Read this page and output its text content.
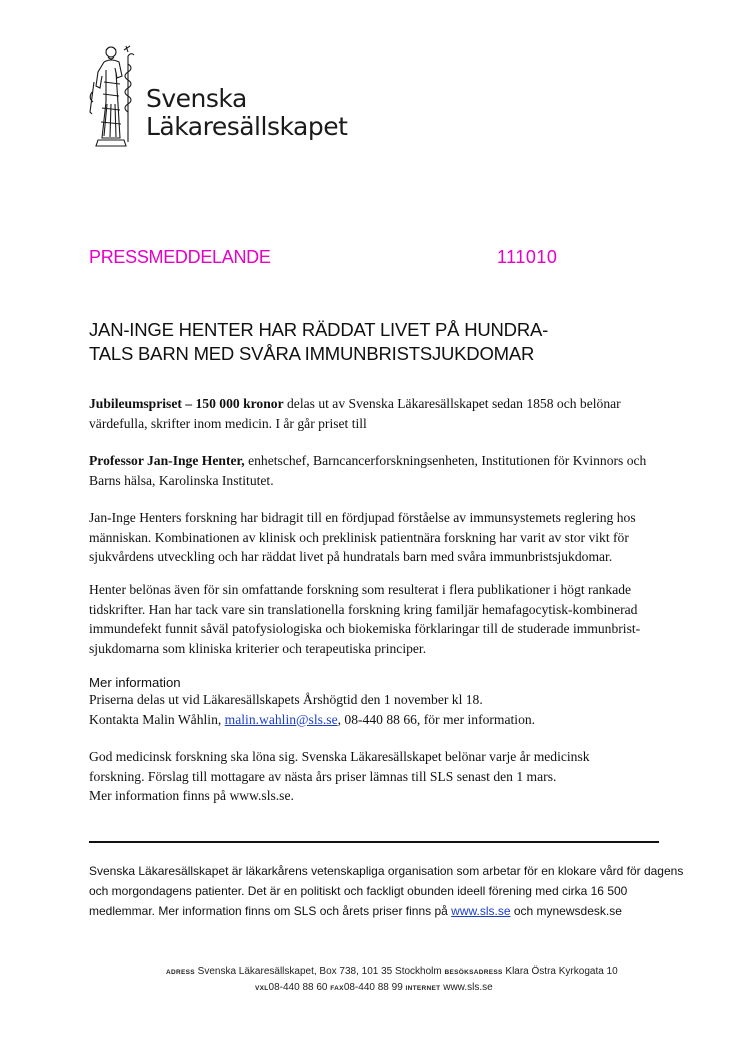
Svenska
Läkaresällskapet
PRESSMEDDELANDE	111010
JAN-INGE HENTER HAR RÄDDAT LIVET PÅ HUNDRA-
TALS BARN MED SVÅRA IMMUNBRISTSJUKDOMAR
Jubileumspriset – 150 000 kronor delas ut av Svenska Läkaresällskapet sedan 1858 och belönar
värdefulla, skrifter inom medicin. I år går priset till
Professor Jan-Inge Henter, enhetschef, Barncancerforskningsenheten, Institutionen för Kvinnors och
Barns hälsa, Karolinska Institutet.
Jan-Inge Henters forskning har bidragit till en fördjupad förståelse av immunsystemets reglering hos
människan. Kombinationen av klinisk och preklinisk patientnära forskning har varit av stor vikt för
sjukvårdens utveckling och har räddat livet på hundratals barn med svåra immunbristsjukdomar.
Henter belönas även för sin omfattande forskning som resulterat i flera publikationer i högt rankade
tidskrifter. Han har tack vare sin translationella forskning kring familjär hemafagocytisk-kombinerad
immundefekt funnit såväl patofysiologiska och biokemiska förklaringar till de studerade immunbrist-
sjukdomarna som kliniska kriterier och terapeutiska principer.
Mer information
Priserna delas ut vid Läkaresällskapets Årshögtid den 1 november kl 18.
Kontakta Malin Wåhlin, malin.wahlin@sls.se, 08-440 88 66, för mer information.
God medicinsk forskning ska löna sig. Svenska Läkaresällskapet belönar varje år medicinsk
forskning. Förslag till mottagare av nästa års priser lämnas till SLS senast den 1 mars.
Mer information finns på www.sls.se.
Svenska Läkaresällskapet är läkarkårens vetenskapliga organisation som arbetar för en klokare vård för dagens
och morgondagens patienter. Det är en politiskt och fackligt obunden ideell förening med cirka 16 500
medlemmar. Mer information finns om SLS och årets priser finns på www.sls.se och mynewsdesk.se
ADRESS Svenska Läkaresällskapet, Box 738, 101 35 Stockholm BESÖKSADRESS Klara Östra Kyrkogata 10
VXL08-440 88 60 FAX08-440 88 99 INTERNET www.sls.se
